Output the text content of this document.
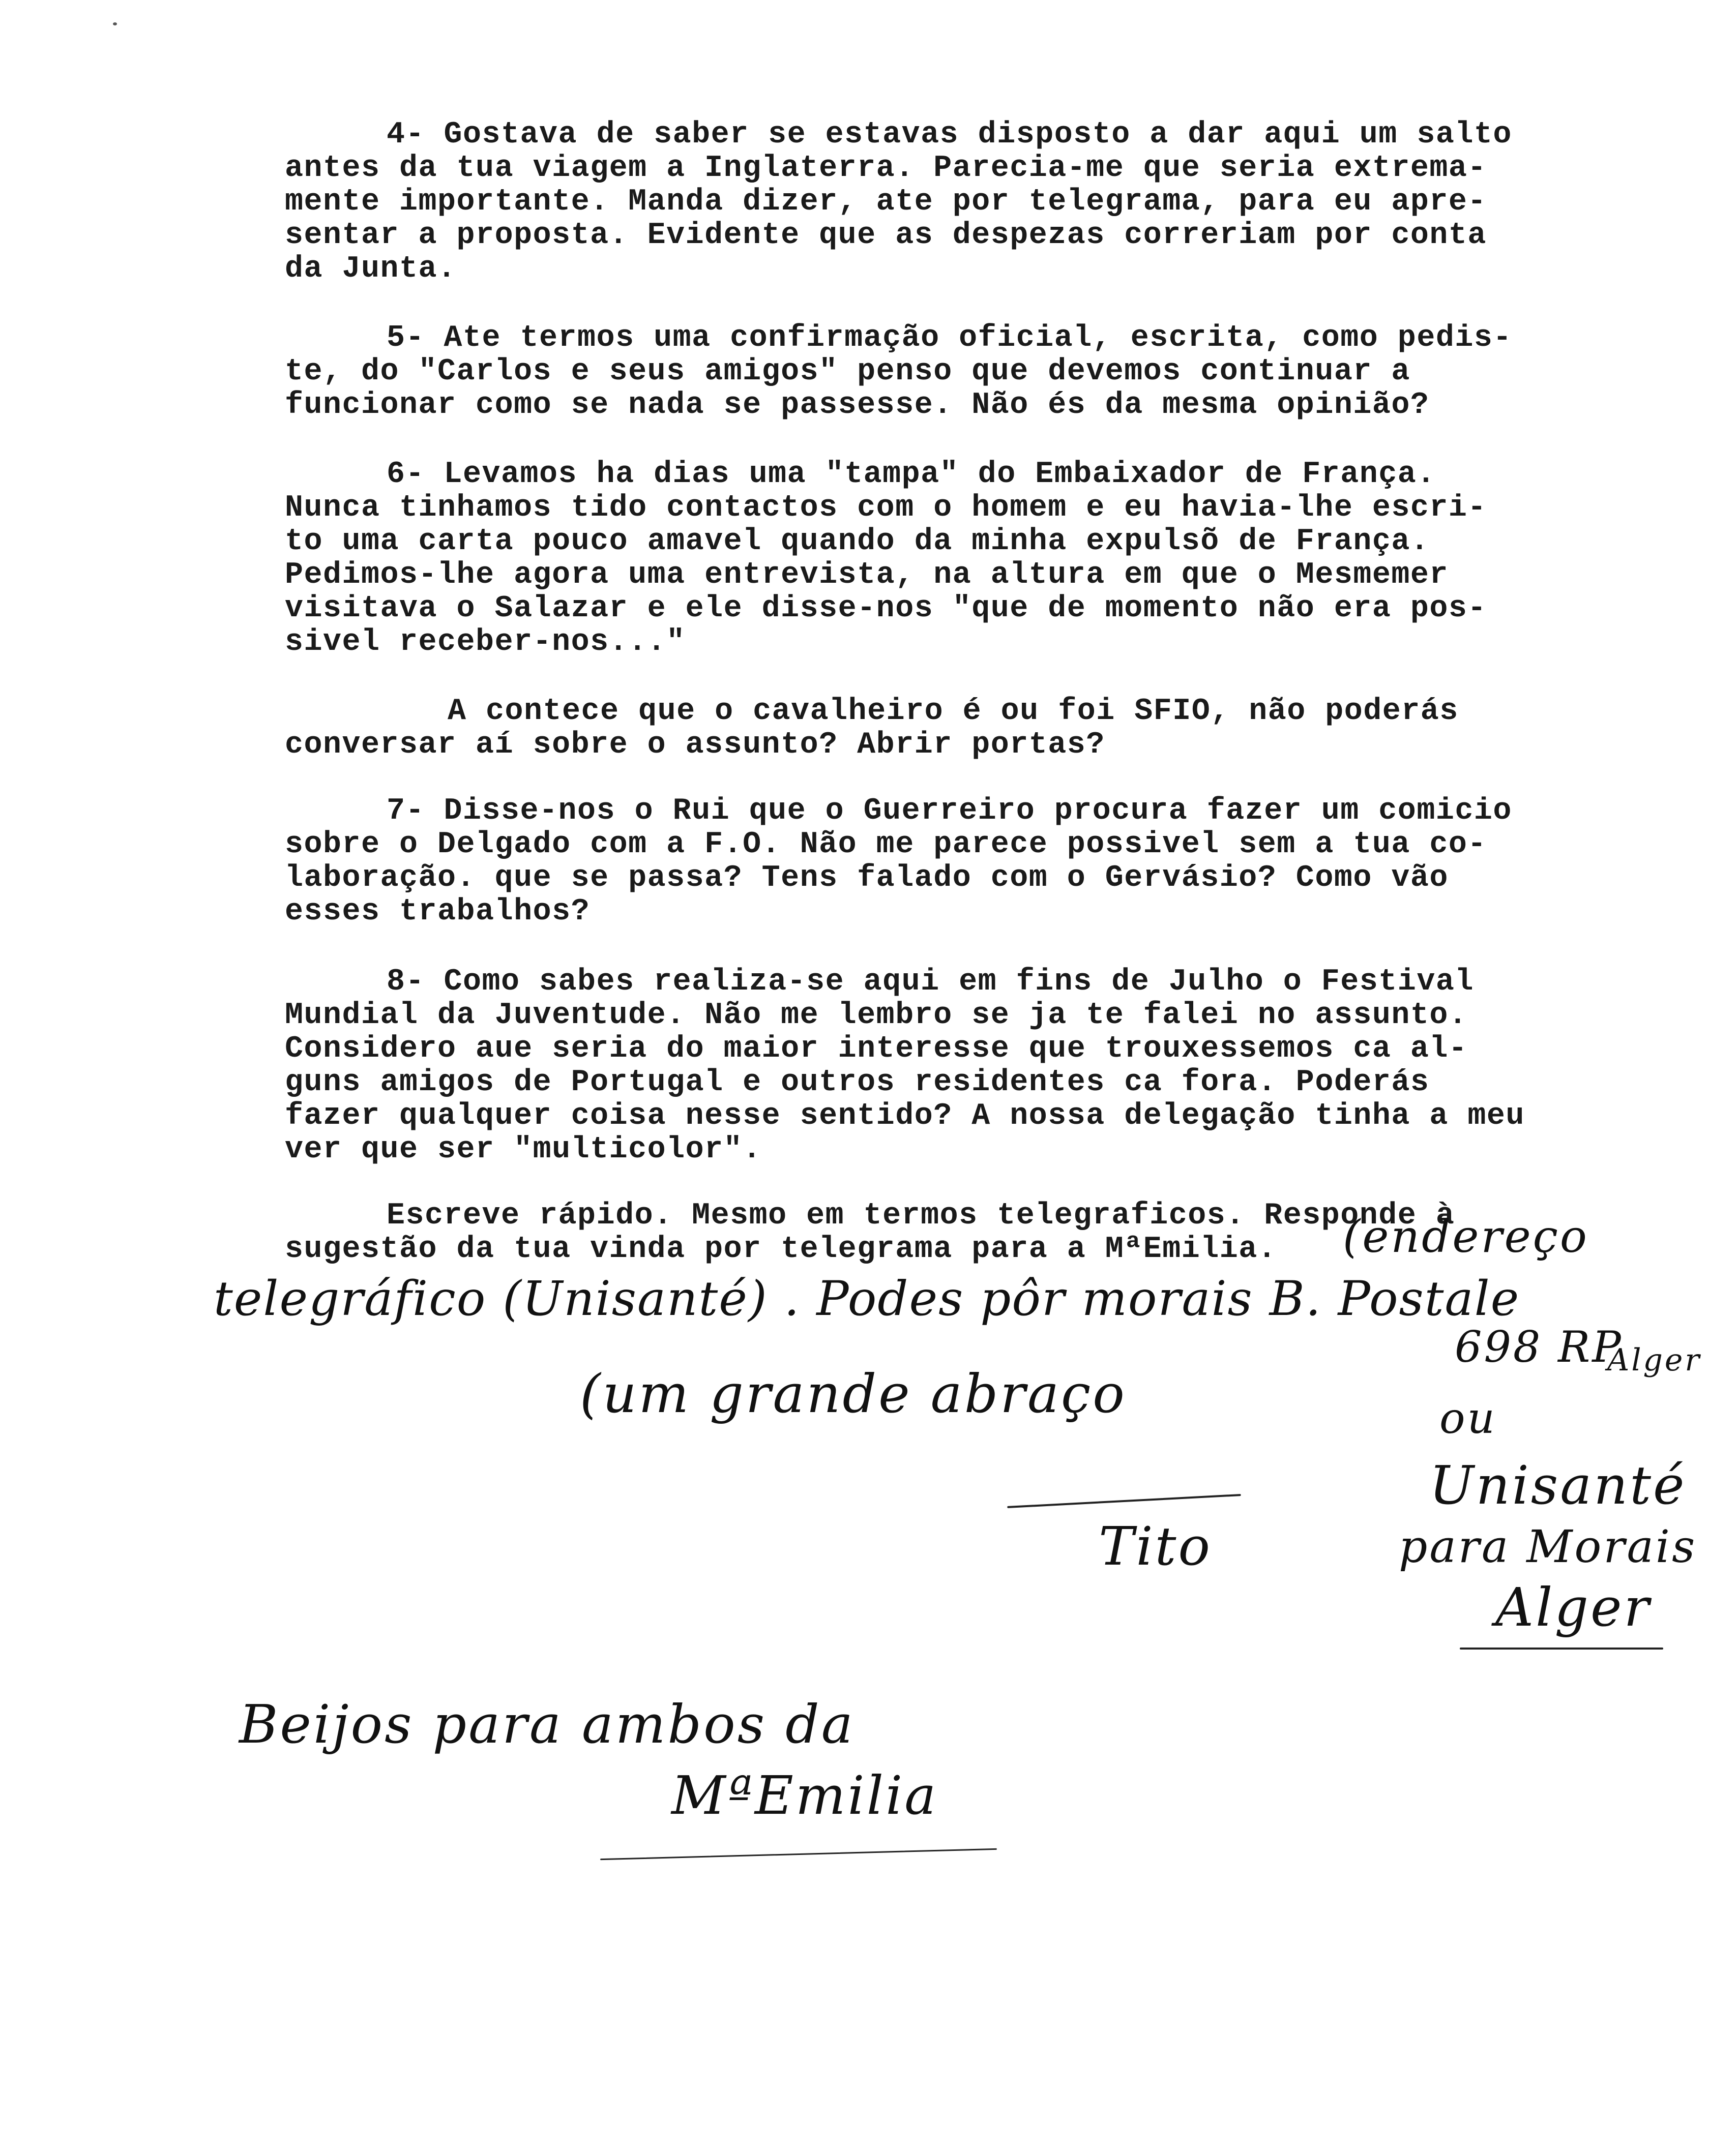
4- Gostava de saber se estavas disposto a dar aqui um salto
antes da tua viagem a Inglaterra. Parecia-me que seria extrema-
mente importante. Manda dizer, ate por telegrama, para eu apre-
sentar a proposta. Evidente que as despezas correriam por conta
da Junta.

5- Ate termos uma confirmação oficial, escrita, como pedis-
te, do "Carlos e seus amigos" penso que devemos continuar a
funcionar como se nada se passesse. Não és da mesma opinião?

6- Levamos ha dias uma "tampa" do Embaixador de França.
Nunca tinhamos tido contactos com o homem e eu havia-lhe escri-
to uma carta pouco amavel quando da minha expulsõ de França.
Pedimos-lhe agora uma entrevista, na altura em que o Mesmemer
visitava o Salazar e ele disse-nos "que de momento não era pos-
sivel receber-nos..."

A contece que o cavalheiro é ou foi SFIO, não poderás
conversar aí sobre o assunto? Abrir portas?

7- Disse-nos o Rui que o Guerreiro procura fazer um comicio
sobre o Delgado com a F.O. Não me parece possivel sem a tua co-
laboração. que se passa? Tens falado com o Gervásio? Como vão
esses trabalhos?

8- Como sabes realiza-se aqui em fins de Julho o Festival
Mundial da Juventude. Não me lembro se ja te falei no assunto.
Considero aue seria do maior interesse que trouxessemos ca al-
guns amigos de Portugal e outros residentes ca fora. Poderás
fazer qualquer coisa nesse sentido? A nossa delegação tinha a meu
ver que ser "multicolor".

Escreve rápido. Mesmo em termos telegraficos. Responde à
sugestão da tua vinda por telegrama para a MªEmilia.	(endereço
telegráfico (Unisanté) . Podes pôr morais B. Postale
698 RP
Alger
(um grande abraço	ou
Unisanté
Tito	para Morais
Alger
Beijos para ambos da
MªEmilia
